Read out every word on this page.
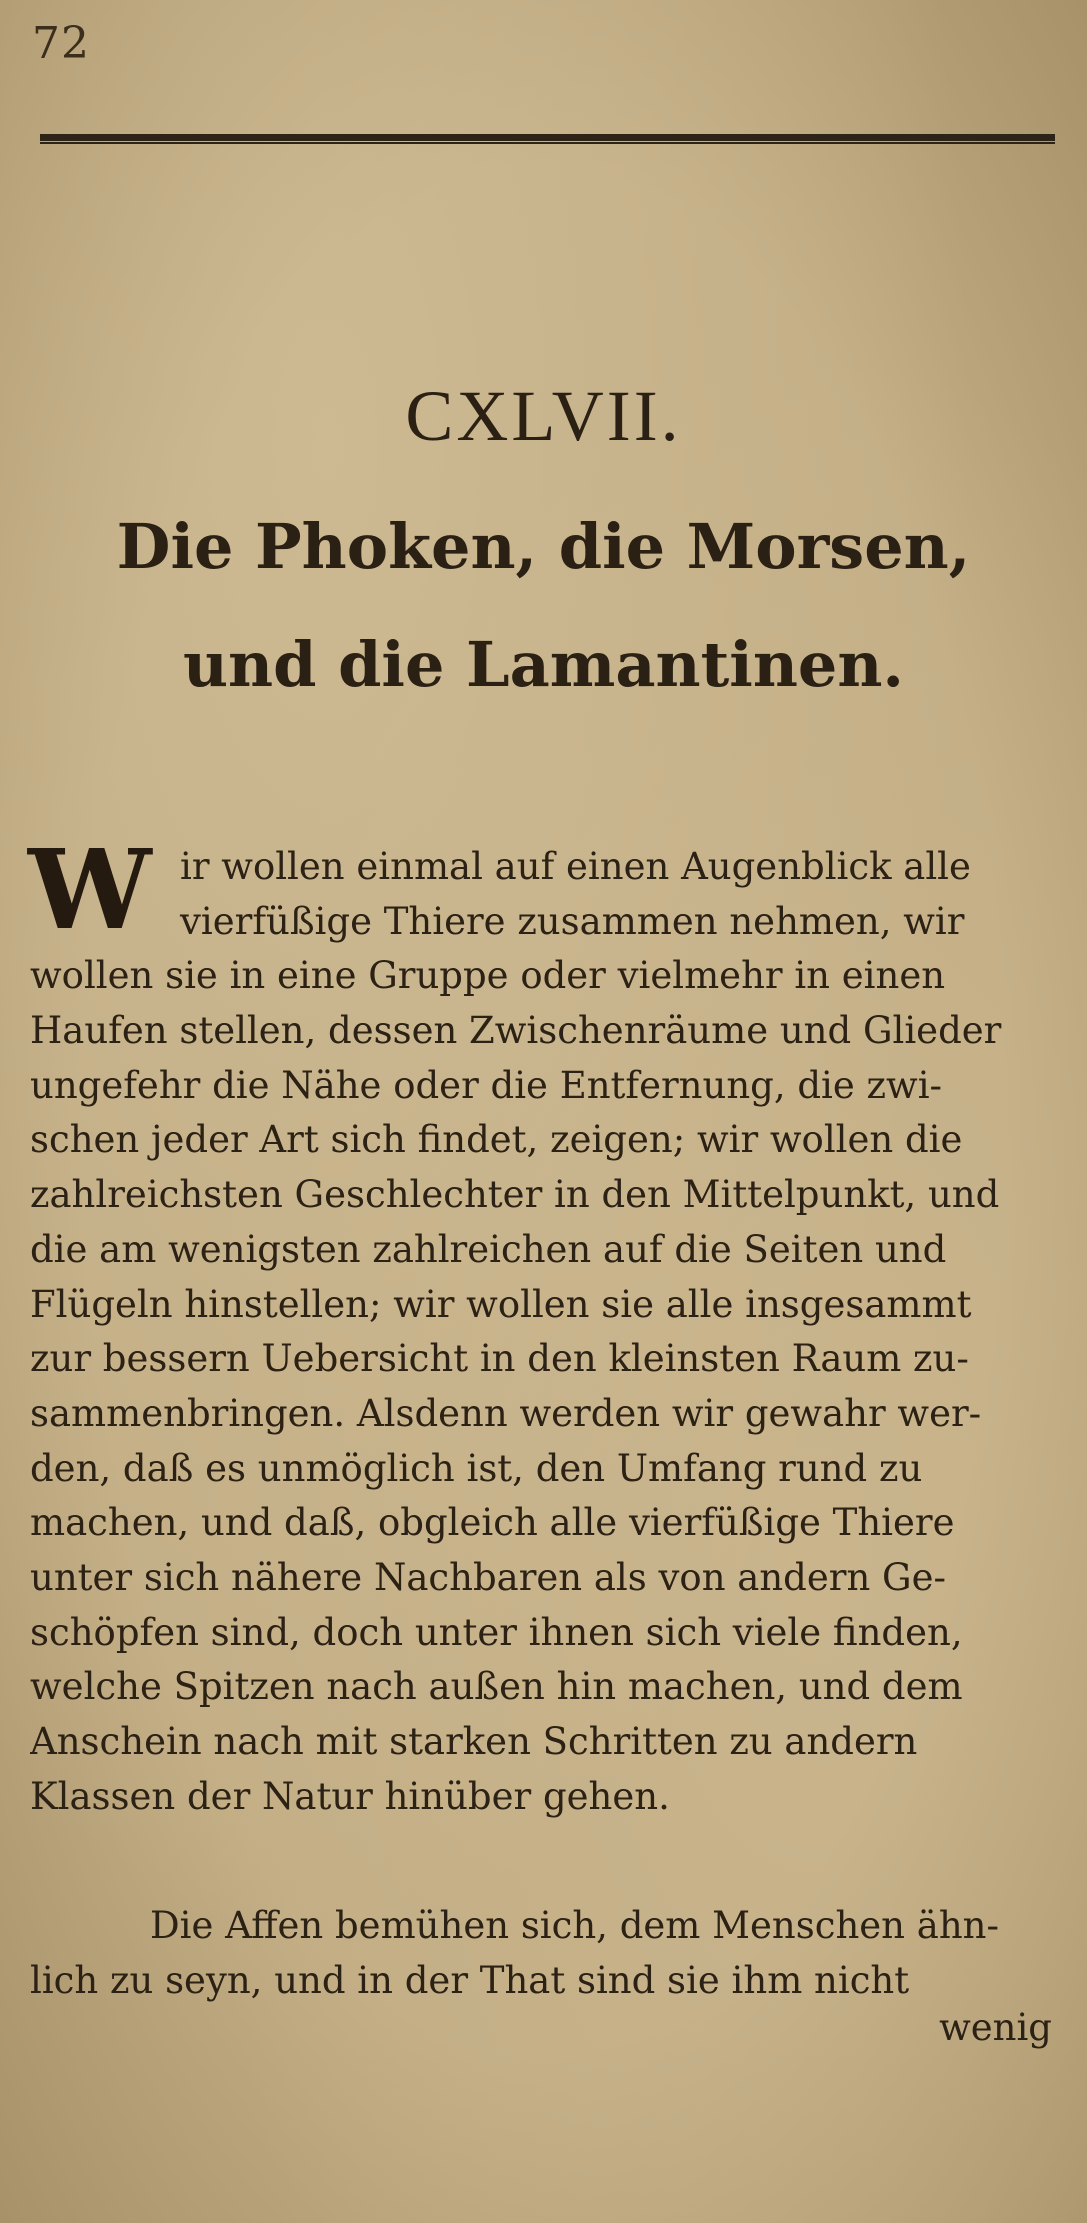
72
CXLVII.
Die Phoken, die Morsen,
und die Lamantinen.
W ir wollen einmal auf einen Augenblick alle
vierfüßige Thiere zusammen nehmen, wir
wollen sie in eine Gruppe oder vielmehr in einen
Haufen stellen, dessen Zwischenräume und Glieder
ungefehr die Nähe oder die Entfernung, die zwi-
schen jeder Art sich findet, zeigen; wir wollen die
zahlreichsten Geschlechter in den Mittelpunkt, und
die am wenigsten zahlreichen auf die Seiten und
Flügeln hinstellen; wir wollen sie alle insgesammt
zur bessern Uebersicht in den kleinsten Raum zu-
sammenbringen. Alsdenn werden wir gewahr wer-
den, daß es unmöglich ist, den Umfang rund zu
machen, und daß, obgleich alle vierfüßige Thiere
unter sich nähere Nachbaren als von andern Ge-
schöpfen sind, doch unter ihnen sich viele finden,
welche Spitzen nach außen hin machen, und dem
Anschein nach mit starken Schritten zu andern
Klassen der Natur hinüber gehen.
Die Affen bemühen sich, dem Menschen ähn-
lich zu seyn, und in der That sind sie ihm nicht
wenig
